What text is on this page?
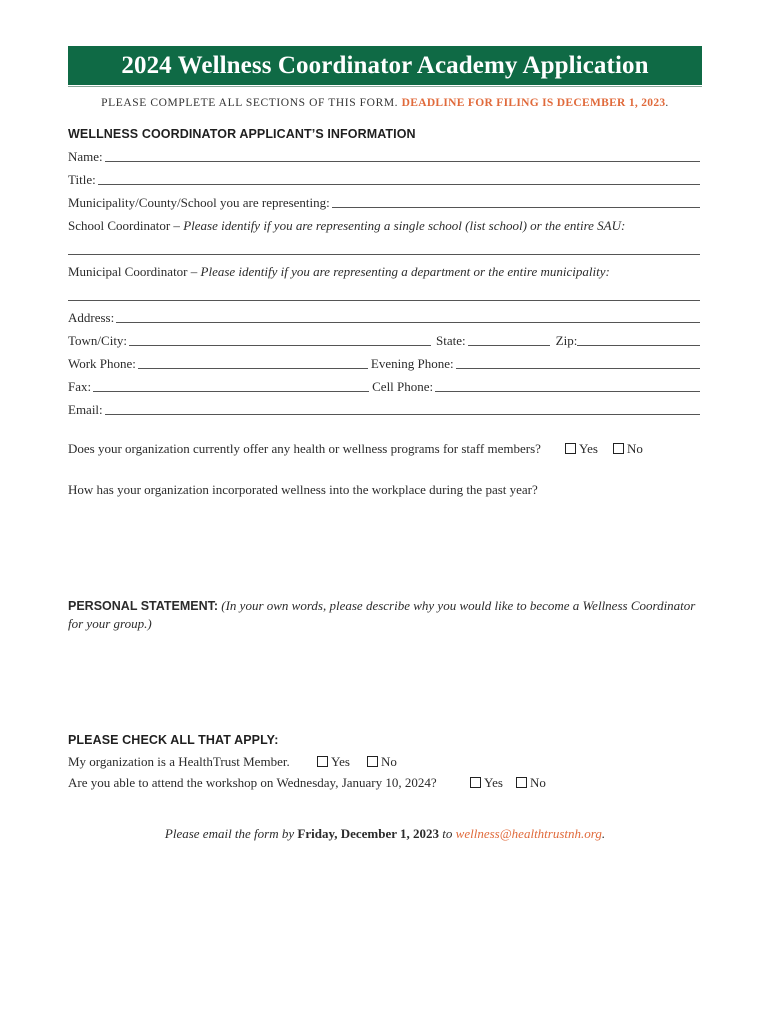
2024 Wellness Coordinator Academy Application
PLEASE COMPLETE ALL SECTIONS OF THIS FORM. DEADLINE FOR FILING IS DECEMBER 1, 2023.
WELLNESS COORDINATOR APPLICANT’S INFORMATION
Name:
Title:
Municipality/County/School you are representing:
School Coordinator – Please identify if you are representing a single school (list school) or the entire SAU:
Municipal Coordinator – Please identify if you are representing a department or the entire municipality:
Address:
Town/City:	State:	Zip:
Work Phone:	Evening Phone:
Fax:	Cell Phone:
Email:
Does your organization currently offer any health or wellness programs for staff members?	Yes	No
How has your organization incorporated wellness into the workplace during the past year?
PERSONAL STATEMENT: (In your own words, please describe why you would like to become a Wellness Coordinator for your group.)
PLEASE CHECK ALL THAT APPLY:
My organization is a HealthTrust Member.	Yes	No
Are you able to attend the workshop on Wednesday, January 10, 2024?	Yes	No
Please email the form by Friday, December 1, 2023 to wellness@healthtrustnh.org.
